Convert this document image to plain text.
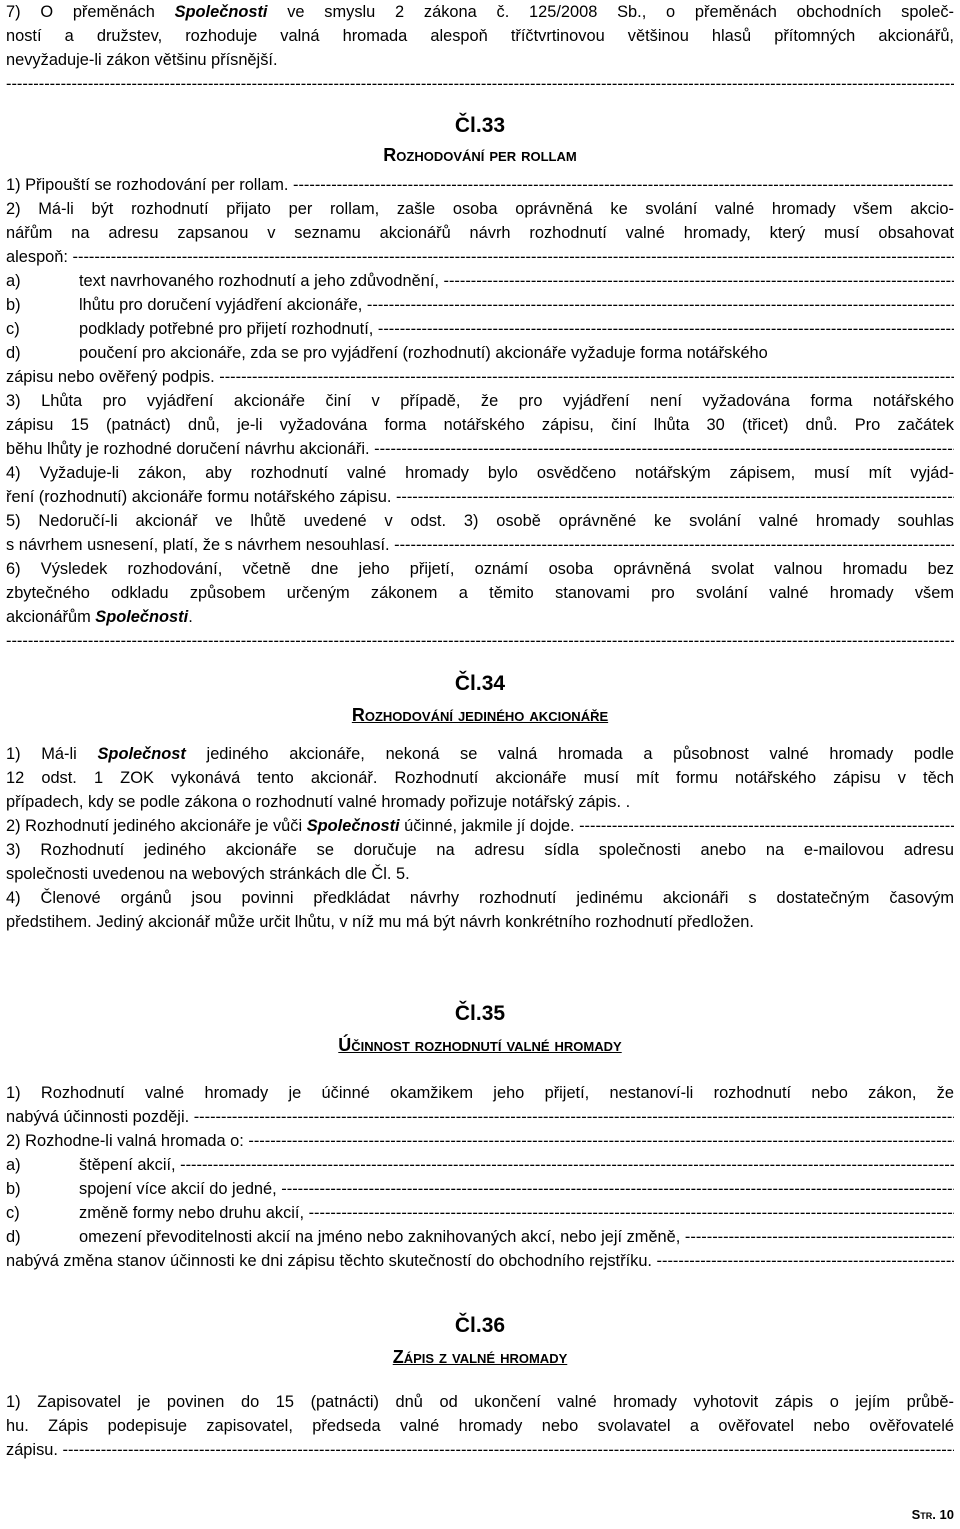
7) O přeměnách Společnosti ve smyslu 2 zákona č. 125/2008 Sb., o přeměnách obchodních společ-
ností a družstev, rozhoduje valná hromada alespoň tříčtvrtinovou většinou hlasů přítomných akcionářů,
nevyžaduje-li zákon většinu přísnější.
-----
Čl.33
Rozhodování per rollam
1) Připouští se rozhodování per rollam.
-----
2) Má-li být rozhodnutí přijato per rollam, zašle osoba oprávněná ke svolání valné hromady všem akcio-
nářům na adresu zapsanou v seznamu akcionářů návrh rozhodnutí valné hromady, který musí obsahovat
alespoň:
-----
a)	text navrhovaného rozhodnutí a jeho zdůvodnění,
-----
b)	lhůtu pro doručení vyjádření akcionáře,
-----
c)	podklady potřebné pro přijetí rozhodnutí,
-----
d)	poučení pro akcionáře, zda se pro vyjádření (rozhodnutí) akcionáře vyžaduje forma notářského
zápisu nebo ověřený podpis.
-----
3) Lhůta pro vyjádření akcionáře činí v případě, že pro vyjádření není vyžadována forma notářského
zápisu 15 (patnáct) dnů, je-li vyžadována forma notářského zápisu, činí lhůta 30 (třicet) dnů. Pro začátek
běhu lhůty je rozhodné doručení návrhu akcionáři.
-----
4) Vyžaduje-li zákon, aby rozhodnutí valné hromady bylo osvědčeno notářským zápisem, musí mít vyjád-
ření (rozhodnutí) akcionáře formu notářského zápisu.
-----
5) Nedoručí-li akcionář ve lhůtě uvedené v odst. 3) osobě oprávněné ke svolání valné hromady souhlas
s návrhem usnesení, platí, že s návrhem nesouhlasí.
-----
6) Výsledek rozhodování, včetně dne jeho přijetí, oznámí osoba oprávněná svolat valnou hromadu bez
zbytečného odkladu způsobem určeným zákonem a těmito stanovami pro svolání valné hromady všem
akcionářům Společnosti.
-----
Čl.34
Rozhodování jediného akcionáře
1) Má-li Společnost jediného akcionáře, nekoná se valná hromada a působnost valné hromady podle
12 odst. 1 ZOK vykonává tento akcionář. Rozhodnutí akcionáře musí mít formu notářského zápisu v těch
případech, kdy se podle zákona o rozhodnutí valné hromady pořizuje notářský zápis. .
2) Rozhodnutí jediného akcionáře je vůči Společnosti účinné, jakmile jí dojde.
-----
3) Rozhodnutí jediného akcionáře se doručuje na adresu sídla společnosti anebo na e-mailovou adresu
společnosti uvedenou na webových stránkách dle Čl. 5.
4) Členové orgánů jsou povinni předkládat návrhy rozhodnutí jedinému akcionáři s dostatečným časovým
předstihem. Jediný akcionář může určit lhůtu, v níž mu má být návrh konkrétního rozhodnutí předložen.
Čl.35
Účinnost rozhodnutí valné hromady
1) Rozhodnutí valné hromady je účinné okamžikem jeho přijetí, nestanoví-li rozhodnutí nebo zákon, že
nabývá účinnosti později.
-----
2) Rozhodne-li valná hromada o:
-----
a)	štěpení akcií,
-----
b)	spojení více akcií do jedné,
-----
c)	změně formy nebo druhu akcií,
-----
d)	omezení převoditelnosti akcií na jméno nebo zaknihovaných akcí, nebo její změně,
-----
nabývá změna stanov účinnosti ke dni zápisu těchto skutečností do obchodního rejstříku.
-----
Čl.36
Zápis z valné hromady
1) Zapisovatel je povinen do 15 (patnácti) dnů od ukončení valné hromady vyhotovit zápis o jejím průbě-
hu. Zápis podepisuje zapisovatel, předseda valné hromady nebo svolavatel a ověřovatel nebo ověřovatelé
zápisu.
-----
Str. 10
